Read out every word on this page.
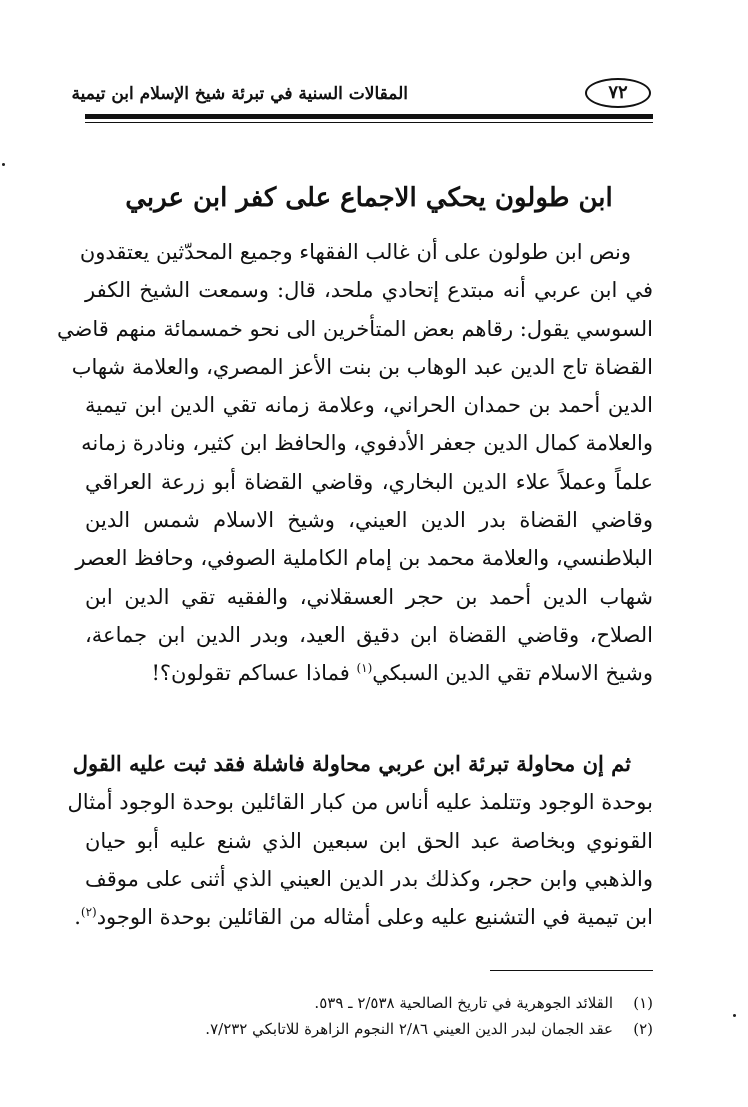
٧٢
المقالات السنية في تبرئة شيخ الإسلام ابن تيمية
ابن طولون يحكي الاجماع على كفر ابن عربي
ونص ابن طولون على أن غالب الفقهاء وجميع المحدّثين يعتقدون
في ابن عربي أنه مبتدع إتحادي ملحد، قال: وسمعت الشيخ الكفر
السوسي يقول: رقاهم بعض المتأخرين الى نحو خمسمائة منهم قاضي
القضاة تاج الدين عبد الوهاب بن بنت الأعز المصري، والعلامة شهاب
الدين أحمد بن حمدان الحراني، وعلامة زمانه تقي الدين ابن تيمية
والعلامة كمال الدين جعفر الأدفوي، والحافظ ابن كثير، ونادرة زمانه
علماً وعملاً علاء الدين البخاري، وقاضي القضاة أبو زرعة العراقي
وقاضي القضاة بدر الدين العيني، وشيخ الاسلام شمس الدين
البلاطنسي، والعلامة محمد بن إمام الكاملية الصوفي، وحافظ العصر
شهاب الدين أحمد بن حجر العسقلاني، والفقيه تقي الدين ابن
الصلاح، وقاضي القضاة ابن دقيق العيد، وبدر الدين ابن جماعة،
وشيخ الاسلام تقي الدين السبكي$^{(١)}$ فماذا عساكم تقولون؟!
ثم إن محاولة تبرئة ابن عربي محاولة فاشلة فقد ثبت عليه القول
بوحدة الوجود وتتلمذ عليه أناس من كبار القائلين بوحدة الوجود أمثال
القونوي وبخاصة عبد الحق ابن سبعين الذي شنع عليه أبو حيان
والذهبي وابن حجر، وكذلك بدر الدين العيني الذي أثنى على موقف
ابن تيمية في التشنيع عليه وعلى أمثاله من القائلين بوحدة الوجود$^{(٢)}$.
(١)
القلائد الجوهرية في تاريخ الصالحية ٢/٥٣٨ ـ ٥٣٩.
(٢)
عقد الجمان لبدر الدين العيني ٢/٨٦ النجوم الزاهرة للاتابكي ٧/٢٣٢.
